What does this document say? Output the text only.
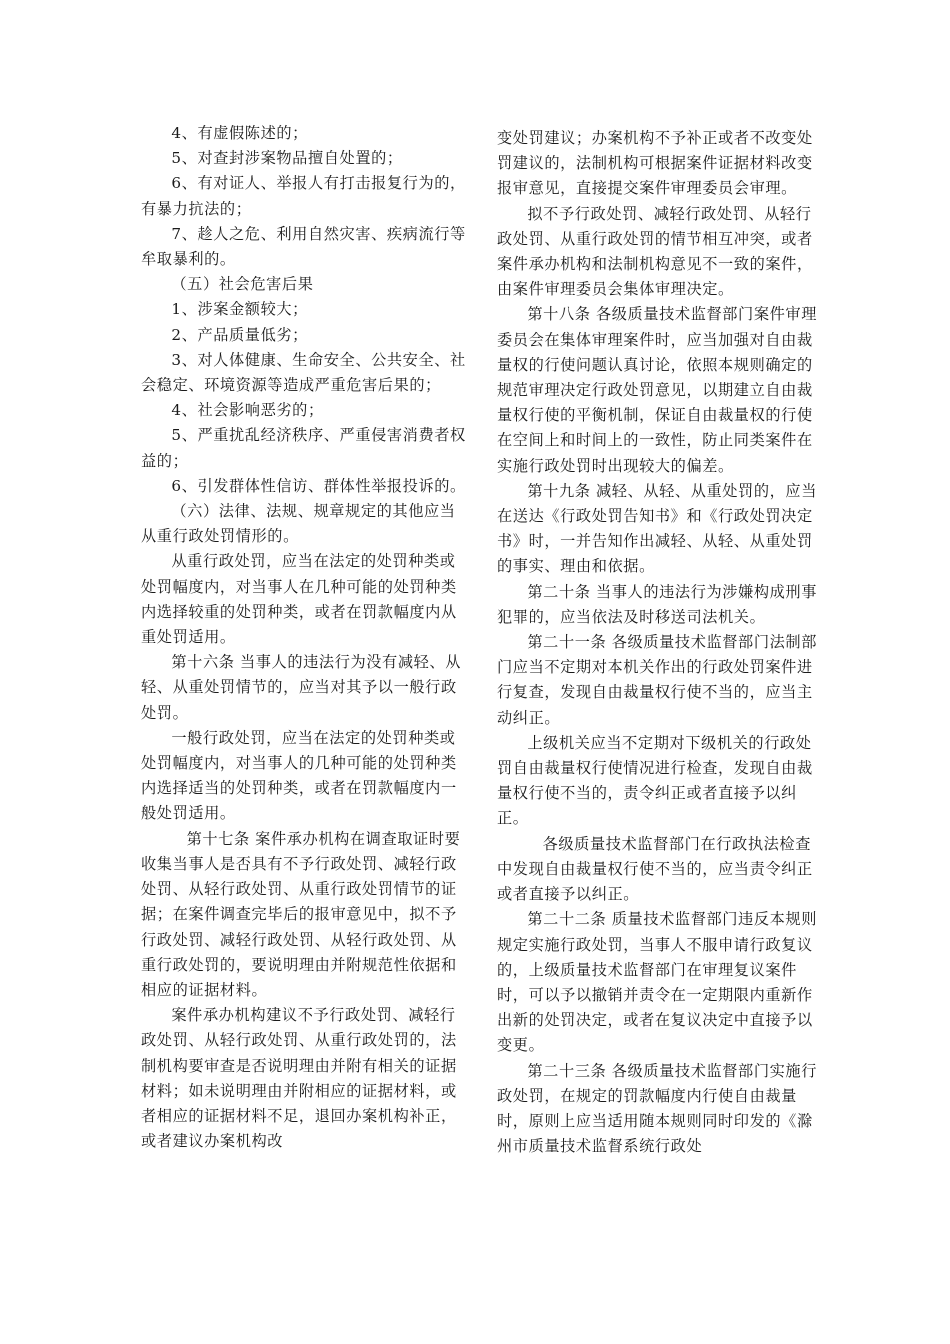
4、有虚假陈述的；

5、对查封涉案物品擅自处置的；

6、有对证人、举报人有打击报复行为的，有暴力抗法的；

7、趁人之危、利用自然灾害、疾病流行等牟取暴利的。

（五）社会危害后果

1、涉案金额较大；

2、产品质量低劣；

3、对人体健康、生命安全、公共安全、社会稳定、环境资源等造成严重危害后果的；

4、社会影响恶劣的；

5、严重扰乱经济秩序、严重侵害消费者权益的；

6、引发群体性信访、群体性举报投诉的。

（六）法律、法规、规章规定的其他应当从重行政处罚情形的。

从重行政处罚，应当在法定的处罚种类或处罚幅度内，对当事人在几种可能的处罚种类内选择较重的处罚种类，或者在罚款幅度内从重处罚适用。

第十六条 当事人的违法行为没有减轻、从轻、从重处罚情节的，应当对其予以一般行政处罚。

一般行政处罚，应当在法定的处罚种类或处罚幅度内，对当事人的几种可能的处罚种类内选择适当的处罚种类，或者在罚款幅度内一般处罚适用。

第十七条 案件承办机构在调查取证时要收集当事人是否具有不予行政处罚、减轻行政处罚、从轻行政处罚、从重行政处罚情节的证据；在案件调查完毕后的报审意见中，拟不予行政处罚、减轻行政处罚、从轻行政处罚、从重行政处罚的，要说明理由并附规范性依据和相应的证据材料。

案件承办机构建议不予行政处罚、减轻行政处罚、从轻行政处罚、从重行政处罚的，法制机构要审查是否说明理由并附有相关的证据材料；如未说明理由并附相应的证据材料，或者相应的证据材料不足，退回办案机构补正，或者建议办案机构改

变处罚建议；办案机构不予补正或者不改变处罚建议的，法制机构可根据案件证据材料改变报审意见，直接提交案件审理委员会审理。

拟不予行政处罚、减轻行政处罚、从轻行政处罚、从重行政处罚的情节相互冲突，或者案件承办机构和法制机构意见不一致的案件，由案件审理委员会集体审理决定。

第十八条 各级质量技术监督部门案件审理委员会在集体审理案件时，应当加强对自由裁量权的行使问题认真讨论，依照本规则确定的规范审理决定行政处罚意见，以期建立自由裁量权行使的平衡机制，保证自由裁量权的行使在空间上和时间上的一致性，防止同类案件在实施行政处罚时出现较大的偏差。

第十九条 减轻、从轻、从重处罚的，应当在送达《行政处罚告知书》和《行政处罚决定书》时，一并告知作出减轻、从轻、从重处罚的事实、理由和依据。

第二十条 当事人的违法行为涉嫌构成刑事犯罪的，应当依法及时移送司法机关。

第二十一条 各级质量技术监督部门法制部门应当不定期对本机关作出的行政处罚案件进行复查，发现自由裁量权行使不当的，应当主动纠正。

上级机关应当不定期对下级机关的行政处罚自由裁量权行使情况进行检查，发现自由裁量权行使不当的，责令纠正或者直接予以纠正。

各级质量技术监督部门在行政执法检查中发现自由裁量权行使不当的，应当责令纠正或者直接予以纠正。

第二十二条 质量技术监督部门违反本规则规定实施行政处罚，当事人不服申请行政复议的，上级质量技术监督部门在审理复议案件时，可以予以撤销并责令在一定期限内重新作出新的处罚决定，或者在复议决定中直接予以变更。

第二十三条 各级质量技术监督部门实施行政处罚，在规定的罚款幅度内行使自由裁量时，原则上应当适用随本规则同时印发的《滁州市质量技术监督系统行政处
